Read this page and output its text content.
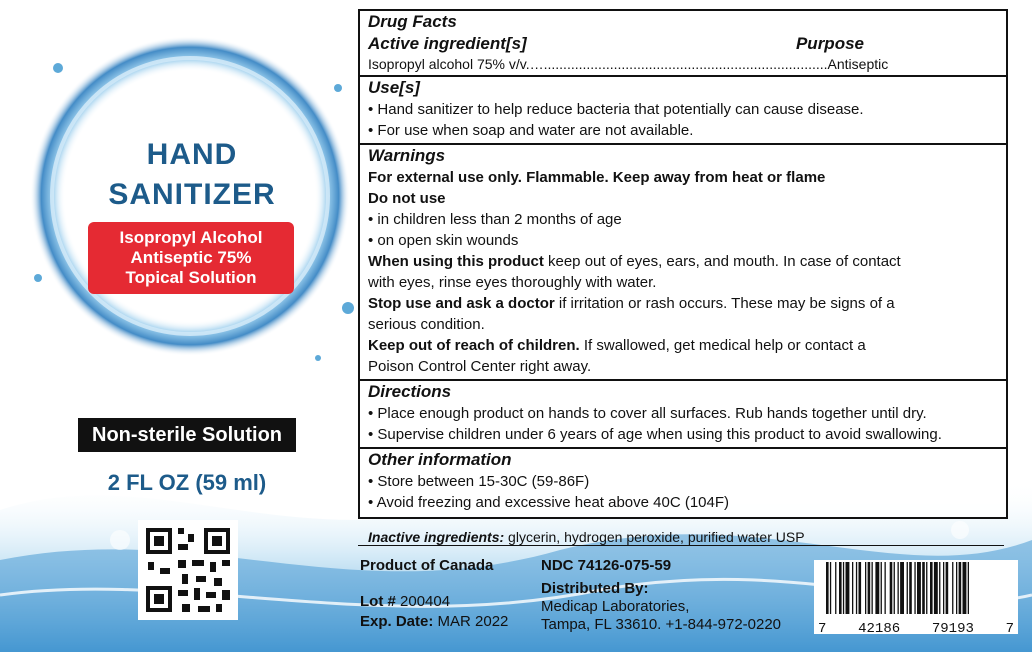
HAND
SANITIZER
Isopropyl Alcohol
Antiseptic 75%
Topical Solution
Non-sterile Solution
2 FL OZ (59 ml)
Drug Facts
Active ingredient[s]	Purpose
Isopropyl alcohol 75% v/v.….........................................................................Antiseptic
Use[s]
• Hand sanitizer to help reduce bacteria that potentially can cause disease.
• For use when soap and water are not available.
Warnings
For external use only. Flammable. Keep away from heat or flame
Do not use
• in children less than 2 months of age
• on open skin wounds
When using this product keep out of eyes, ears, and mouth. In case of contact
with eyes, rinse eyes thoroughly with water.
Stop use and ask a doctor if irritation or rash occurs. These may be signs of a
serious condition.
Keep out of reach of children. If swallowed, get medical help or contact a
Poison Control Center right away.
Directions
• Place enough product on hands to cover all surfaces. Rub hands together until dry.
• Supervise children under 6 years of age when using this product to avoid swallowing.
Other information
• Store between 15-30C (59-86F)
• Avoid freezing and excessive heat above 40C (104F)
Inactive ingredients: glycerin, hydrogen peroxide, purified water USP
Product of Canada	NDC 74126-075-59
Lot # 200404
Exp. Date: MAR 2022
Distributed By:
Medicap Laboratories,
Tampa, FL 33610. +1-844-972-0220	7 42186 79193 7
